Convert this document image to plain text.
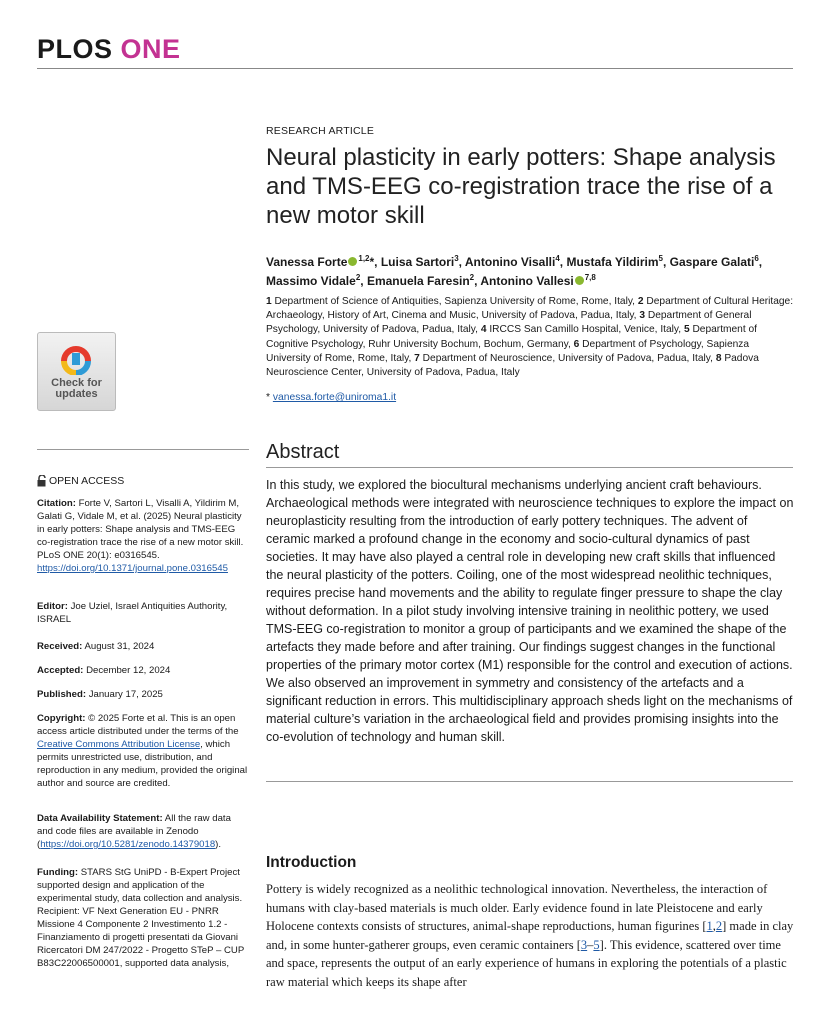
PLOS ONE
RESEARCH ARTICLE
Neural plasticity in early potters: Shape analysis and TMS-EEG co-registration trace the rise of a new motor skill
Vanessa Forte $^{1,2}$*, Luisa Sartori$^3$, Antonino Visalli$^4$, Mustafa Yildirim$^5$, Gaspare Galati$^6$, Massimo Vidale$^2$, Emanuela Faresin$^2$, Antonino Vallesi $^{7,8}$
1 Department of Science of Antiquities, Sapienza University of Rome, Rome, Italy, 2 Department of Cultural Heritage: Archaeology, History of Art, Cinema and Music, University of Padova, Padua, Italy, 3 Department of General Psychology, University of Padova, Padua, Italy, 4 IRCCS San Camillo Hospital, Venice, Italy, 5 Department of Cognitive Psychology, Ruhr University Bochum, Bochum, Germany, 6 Department of Psychology, Sapienza University of Rome, Rome, Italy, 7 Department of Neuroscience, University of Padova, Padua, Italy, 8 Padova Neuroscience Center, University of Padova, Padua, Italy
* vanessa.forte@uniroma1.it
Check for
updates
OPEN ACCESS
Citation: Forte V, Sartori L, Visalli A, Yildirim M, Galati G, Vidale M, et al. (2025) Neural plasticity in early potters: Shape analysis and TMS-EEG co-registration trace the rise of a new motor skill. PLoS ONE 20(1): e0316545. https://doi.org/10.1371/journal.pone.0316545
Editor: Joe Uziel, Israel Antiquities Authority, ISRAEL
Received: August 31, 2024
Accepted: December 12, 2024
Published: January 17, 2025
Copyright: © 2025 Forte et al. This is an open access article distributed under the terms of the Creative Commons Attribution License, which permits unrestricted use, distribution, and reproduction in any medium, provided the original author and source are credited.
Data Availability Statement: All the raw data and code files are available in Zenodo (https://doi.org/10.5281/zenodo.14379018).
Funding: STARS StG UniPD - B-Expert Project supported design and application of the experimental study, data collection and analysis. Recipient: VF Next Generation EU - PNRR Missione 4 Componente 2 Investimento 1.2 - Finanziamento di progetti presentati da Giovani Ricercatori DM 247/2022 - Progetto STeP – CUP B83C22006500001, supported data analysis,
Abstract
In this study, we explored the biocultural mechanisms underlying ancient craft behaviours. Archaeological methods were integrated with neuroscience techniques to explore the impact on neuroplasticity resulting from the introduction of early pottery techniques. The advent of ceramic marked a profound change in the economy and socio-cultural dynamics of past societies. It may have also played a central role in developing new craft skills that influenced the neural plasticity of the potters. Coiling, one of the most widespread neolithic techniques, requires precise hand movements and the ability to regulate finger pressure to shape the clay without deformation. In a pilot study involving intensive training in neolithic pottery, we used TMS-EEG co-registration to monitor a group of participants and we examined the shape of the artefacts they made before and after training. Our findings suggest changes in the functional properties of the primary motor cortex (M1) responsible for the control and execution of actions. We also observed an improvement in symmetry and consistency of the artefacts and a significant reduction in errors. This multidisciplinary approach sheds light on the mechanisms of material culture’s variation in the archaeological field and provides promising insights into the co-evolution of technology and human skill.
Introduction
Pottery is widely recognized as a neolithic technological innovation. Nevertheless, the interaction of humans with clay-based materials is much older. Early evidence found in late Pleistocene and early Holocene contexts consists of structures, animal-shape reproductions, human figurines [1,2] made in clay and, in some hunter-gatherer groups, even ceramic containers [3–5]. This evidence, scattered over time and space, represents the output of an early experience of humans in exploring the potentials of a plastic raw material which keeps its shape after
